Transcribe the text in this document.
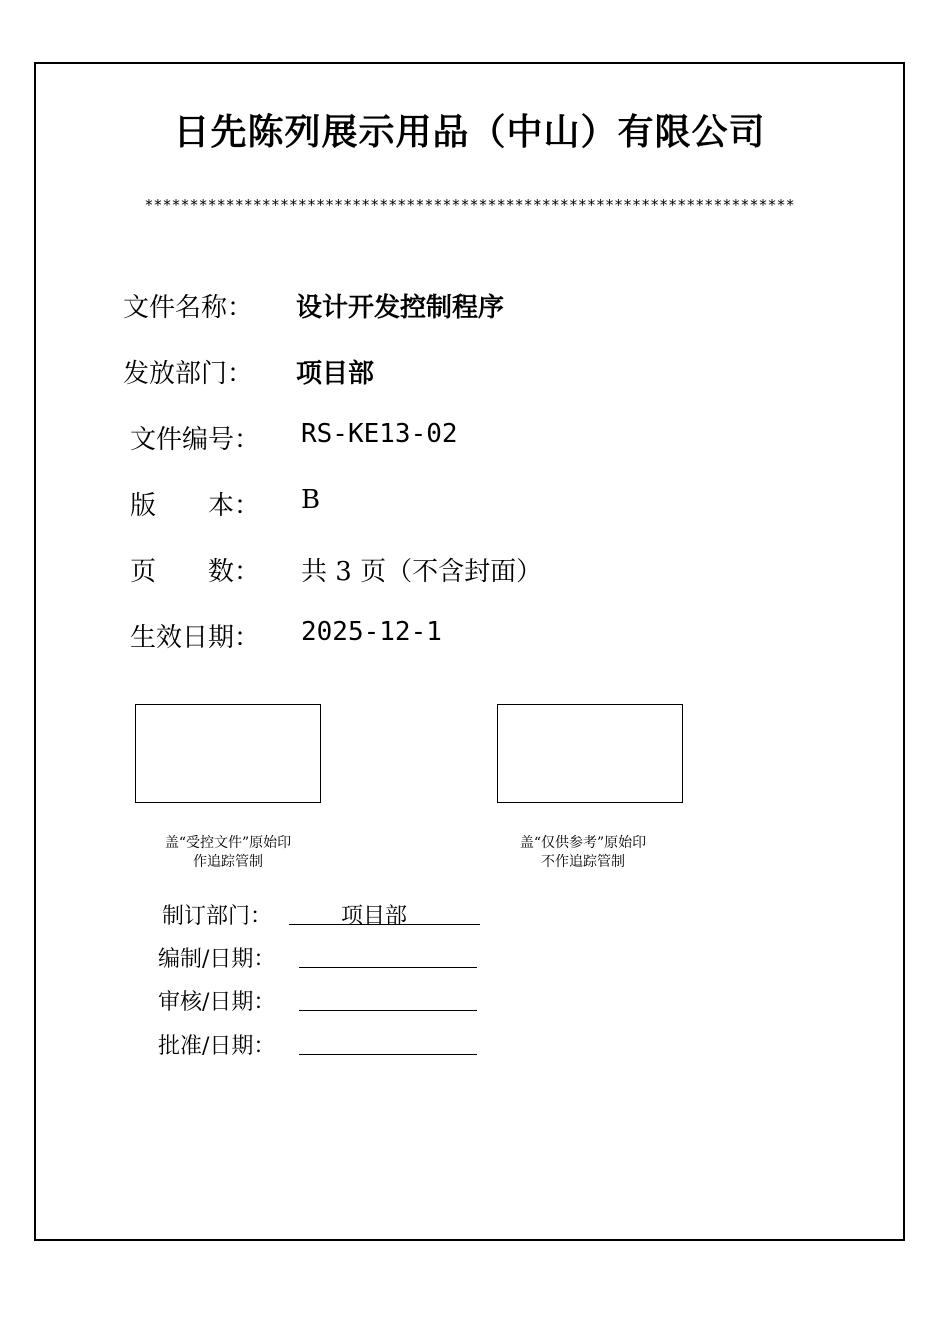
日先陈列展示用品（中山）有限公司
************************************************************************
文件名称： 设计开发控制程序
发放部门： 项目部
文件编号： RS-KE13-02
版　　本： B
页　　数： 共 3 页（不含封面）
生效日期： 2025-12-1
盖“受控文件”原始印
作追踪管制
盖“仅供参考”原始印
不作追踪管制
制订部门：	项目部
编制/日期：
审核/日期：
批准/日期：
